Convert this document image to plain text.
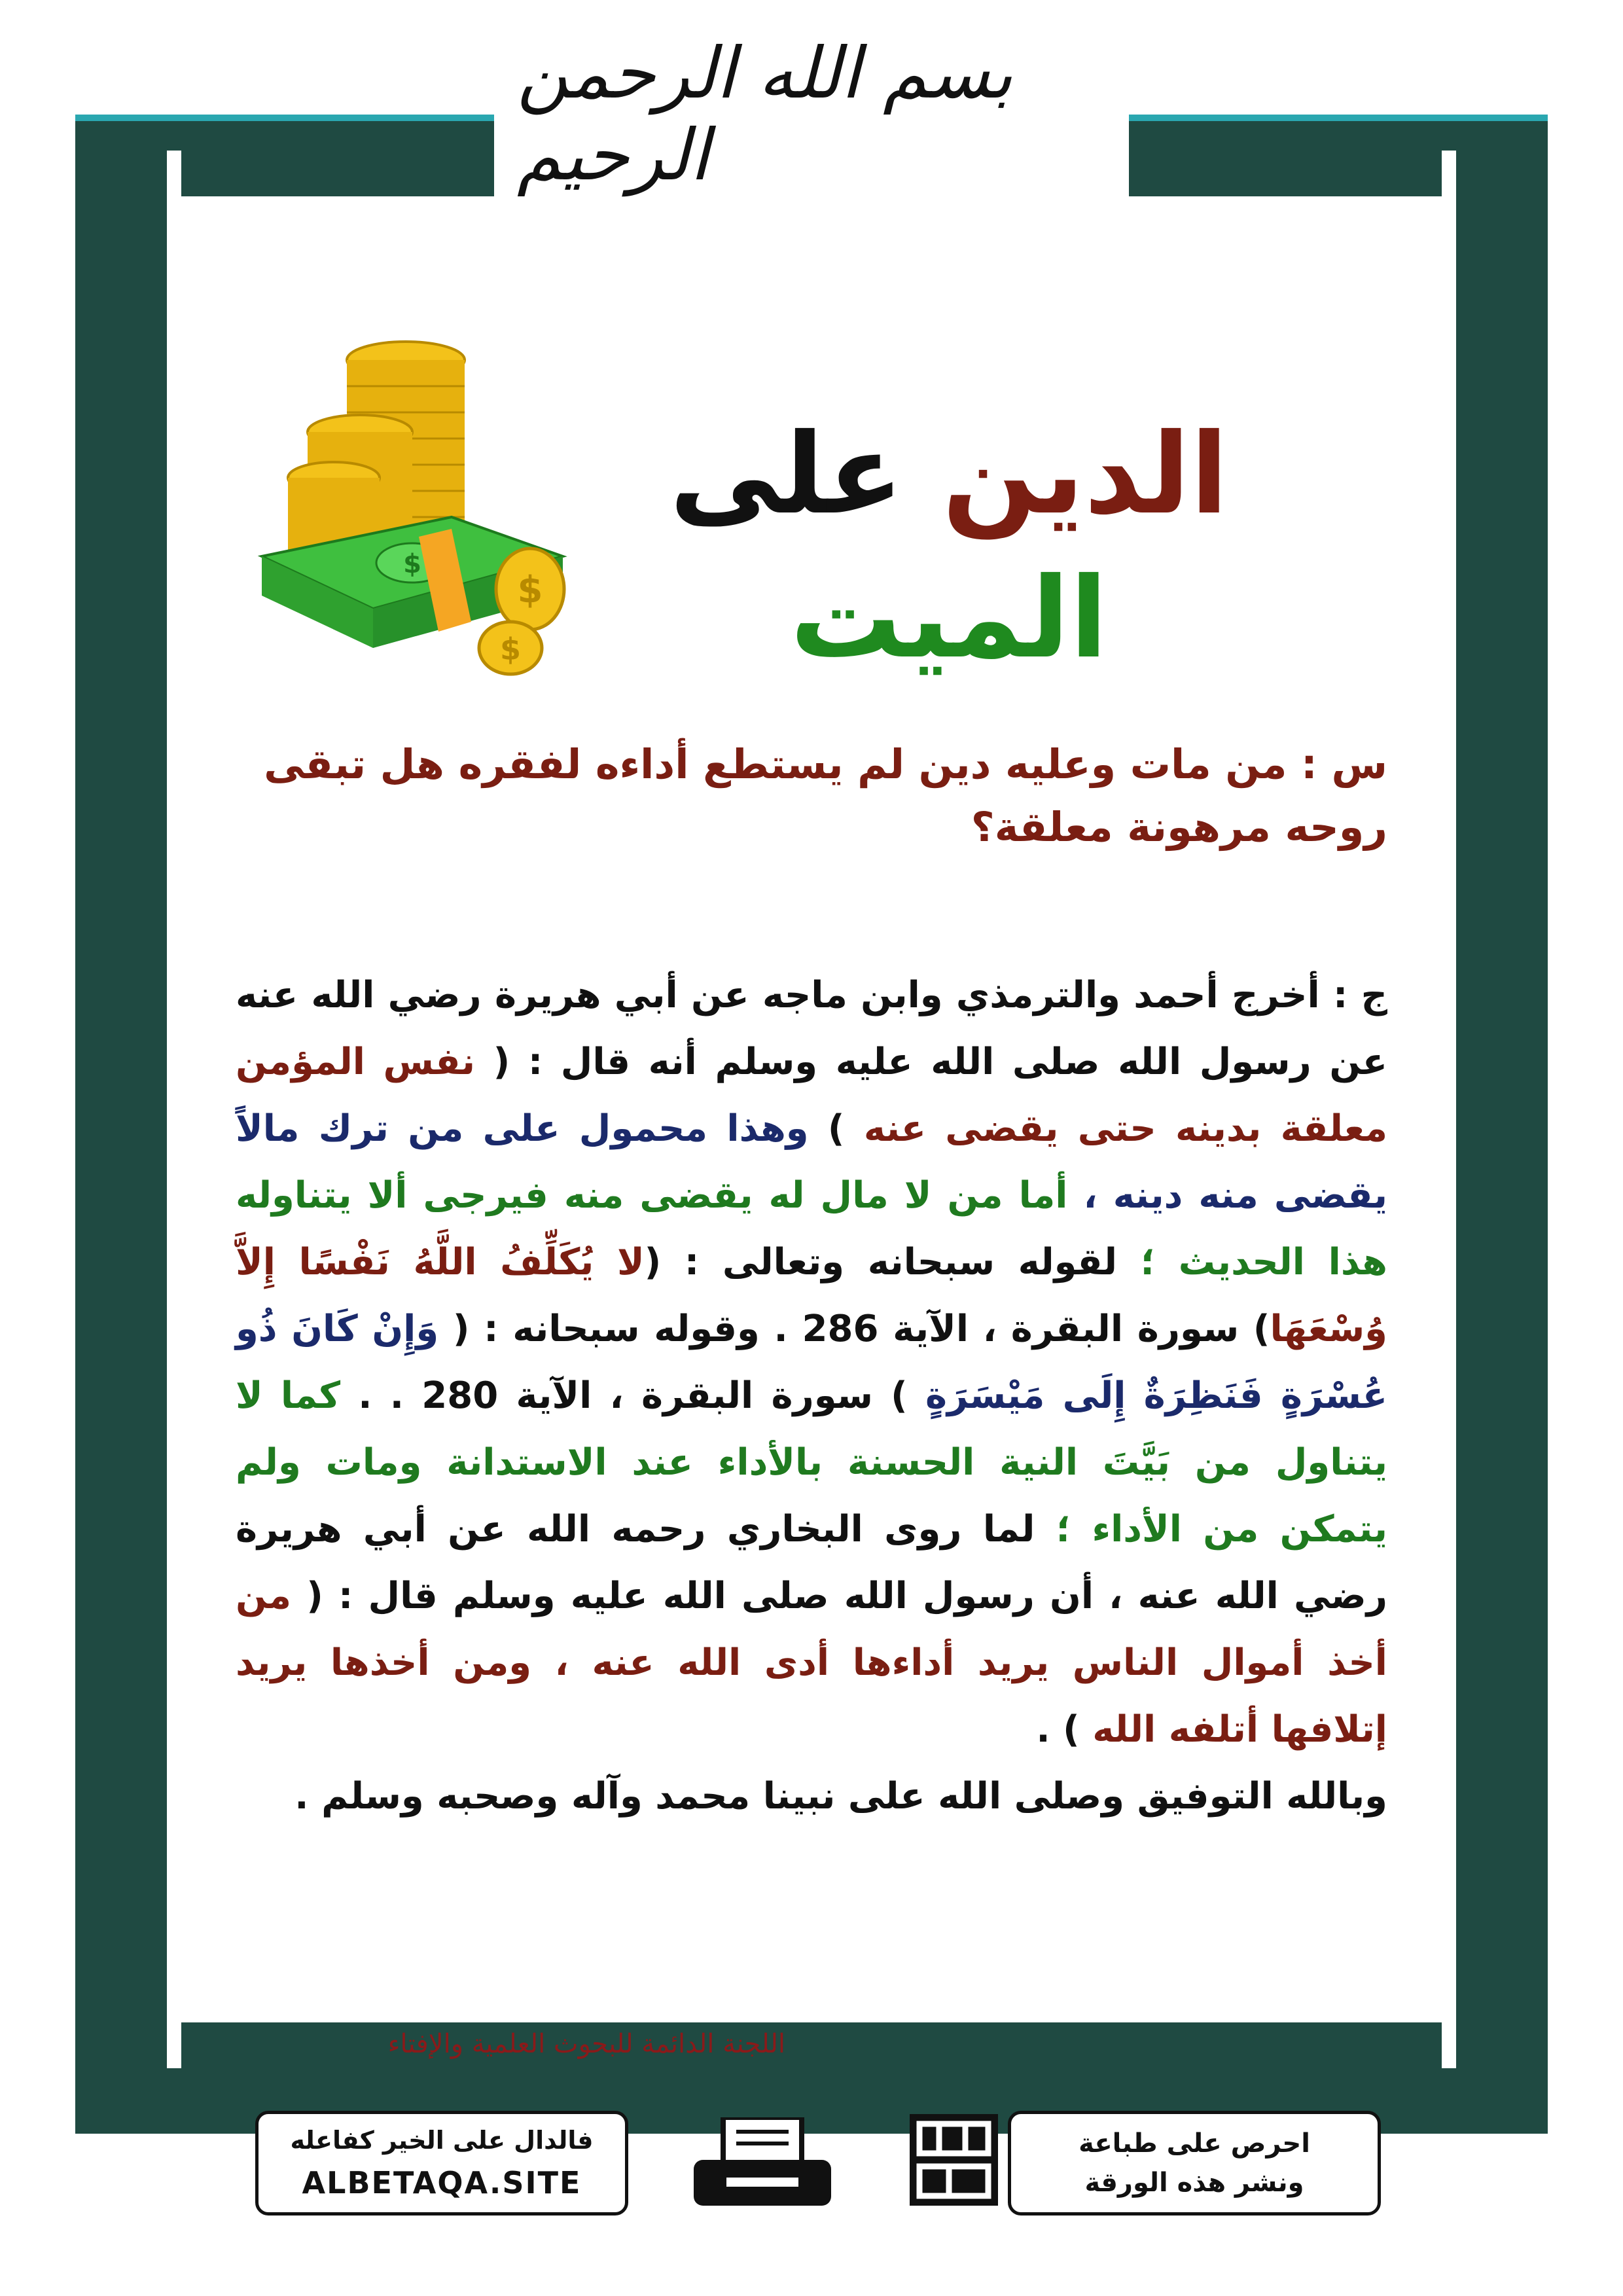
بسم الله الرحمن الرحيم
$
$
$
الدين على الميت
س : من مات وعليه دين لم يستطع أداءه لفقره هل تبقى روحه مرهونة معلقة؟
ج : أخرج أحمد والترمذي وابن ماجه عن أبي هريرة رضي الله عنه عن رسول الله صلى الله عليه وسلم أنه قال : ( نفس المؤمن معلقة بدينه حتى يقضى عنه ) وهذا محمول على من ترك مالاً يقضى منه دينه ، أما من لا مال له يقضى منه فيرجى ألا يتناوله هذا الحديث ؛ لقوله سبحانه وتعالى : (لا يُكَلِّفُ اللَّهُ نَفْسًا إِلاَّ وُسْعَهَا) سورة البقرة ، الآية 286 . وقوله سبحانه : ( وَإِنْ كَانَ ذُو عُسْرَةٍ فَنَظِرَةٌ إِلَى مَيْسَرَةٍ ) سورة البقرة ، الآية 280 . . كما لا يتناول من بَيَّتَ النية الحسنة بالأداء عند الاستدانة ومات ولم يتمكن من الأداء ؛ لما روى البخاري رحمه الله عن أبي هريرة رضي الله عنه ، أن رسول الله صلى الله عليه وسلم قال : ( من أخذ أموال الناس يريد أداءها أدى الله عنه ، ومن أخذها يريد إتلافها أتلفه الله ) .
وبالله التوفيق وصلى الله على نبينا محمد وآله وصحبه وسلم .
اللجنة الدائمة للبحوث العلمية والإفتاء
فالدال على الخير كفاعله
ALBETAQA.SITE
احرص على طباعة
ونشر هذه الورقة
